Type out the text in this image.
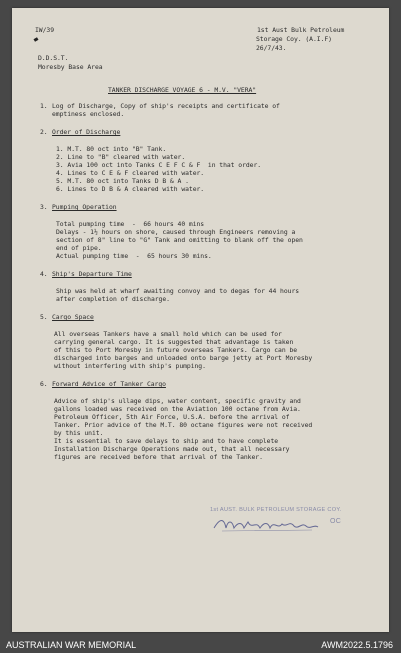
IW/39	1st Aust Bulk Petroleum
Storage Coy. (A.I.F)
26/7/43.
D.D.S.T.
Moresby Base Area
TANKER DISCHARGE VOYAGE 6 - M.V. "VERA"
1. Log of Discharge, Copy of ship's receipts and certificate of
emptiness enclosed.
2. Order of Discharge
1. M.T. 80 oct into "B" Tank.
2. Line to "B" cleared with water.
3. Avia 100 oct into Tanks C E F C & F  in that order.
4. Lines to C E & F cleared with water.
5. M.T. 80 oct into Tanks D B & A .
6. Lines to D B & A cleared with water.
3. Pumping Operation
Total pumping time  -  66 hours 40 mins
Delays - 1½ hours on shore, caused through Engineers removing a
section of 8" line to "G" Tank and omitting to blank off the open
end of pipe.
Actual pumping time  -  65 hours 30 mins.
4. Ship's Departure Time
Ship was held at wharf awaiting convoy and to degas for 44 hours
after completion of discharge.
5. Cargo Space
All overseas Tankers have a small hold which can be used for
carrying general cargo. It is suggested that advantage is taken
of this to Port Moresby in future overseas Tankers. Cargo can be
discharged into barges and unloaded onto barge jetty at Port Moresby
without interfering with ship's pumping.
6. Forward Advice of Tanker Cargo
Advice of ship's ullage dips, water content, specific gravity and
gallons loaded was received on the Aviation 100 octane from Avia.
Petroleum Officer, 5th Air Force, U.S.A. before the arrival of
Tanker. Prior advice of the M.T. 80 octane figures were not received
by this unit.
It is essential to save delays to ship and to have complete
Installation Discharge Operations made out, that all necessary
figures are received before that arrival of the Tanker.
1st AUST. BULK PETROLEUM STORAGE COY.
OC
AUSTRALIAN WAR MEMORIAL	AWM2022.5.1796
